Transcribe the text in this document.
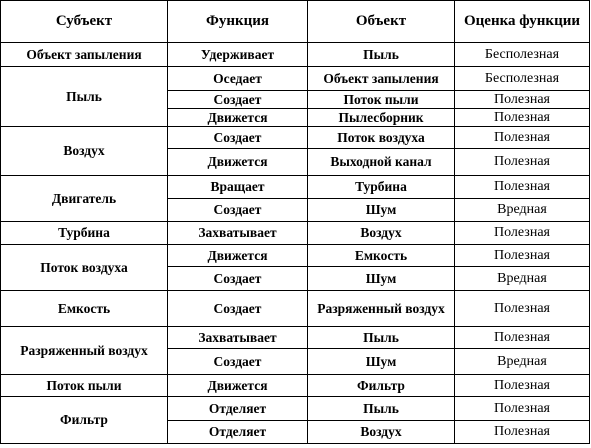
Субъект	Функция	Объект	Оценка функции
Объект запыления	Удерживает	Пыль	Бесполезная
Пыль	Оседает	Объект запыления	Бесполезная
	Создает	Поток пыли	Полезная
	Движется	Пылесборник	Полезная
Воздух	Создает	Поток воздуха	Полезная
	Движется	Выходной канал	Полезная
Двигатель	Вращает	Турбина	Полезная
	Создает	Шум	Вредная
Турбина	Захватывает	Воздух	Полезная
Поток воздуха	Движется	Емкость	Полезная
	Создает	Шум	Вредная
Емкость	Создает	Разряженный воздух	Полезная
Разряженный воздух	Захватывает	Пыль	Полезная
	Создает	Шум	Вредная
Поток пыли	Движется	Фильтр	Полезная
Фильтр	Отделяет	Пыль	Полезная
	Отделяет	Воздух	Полезная
